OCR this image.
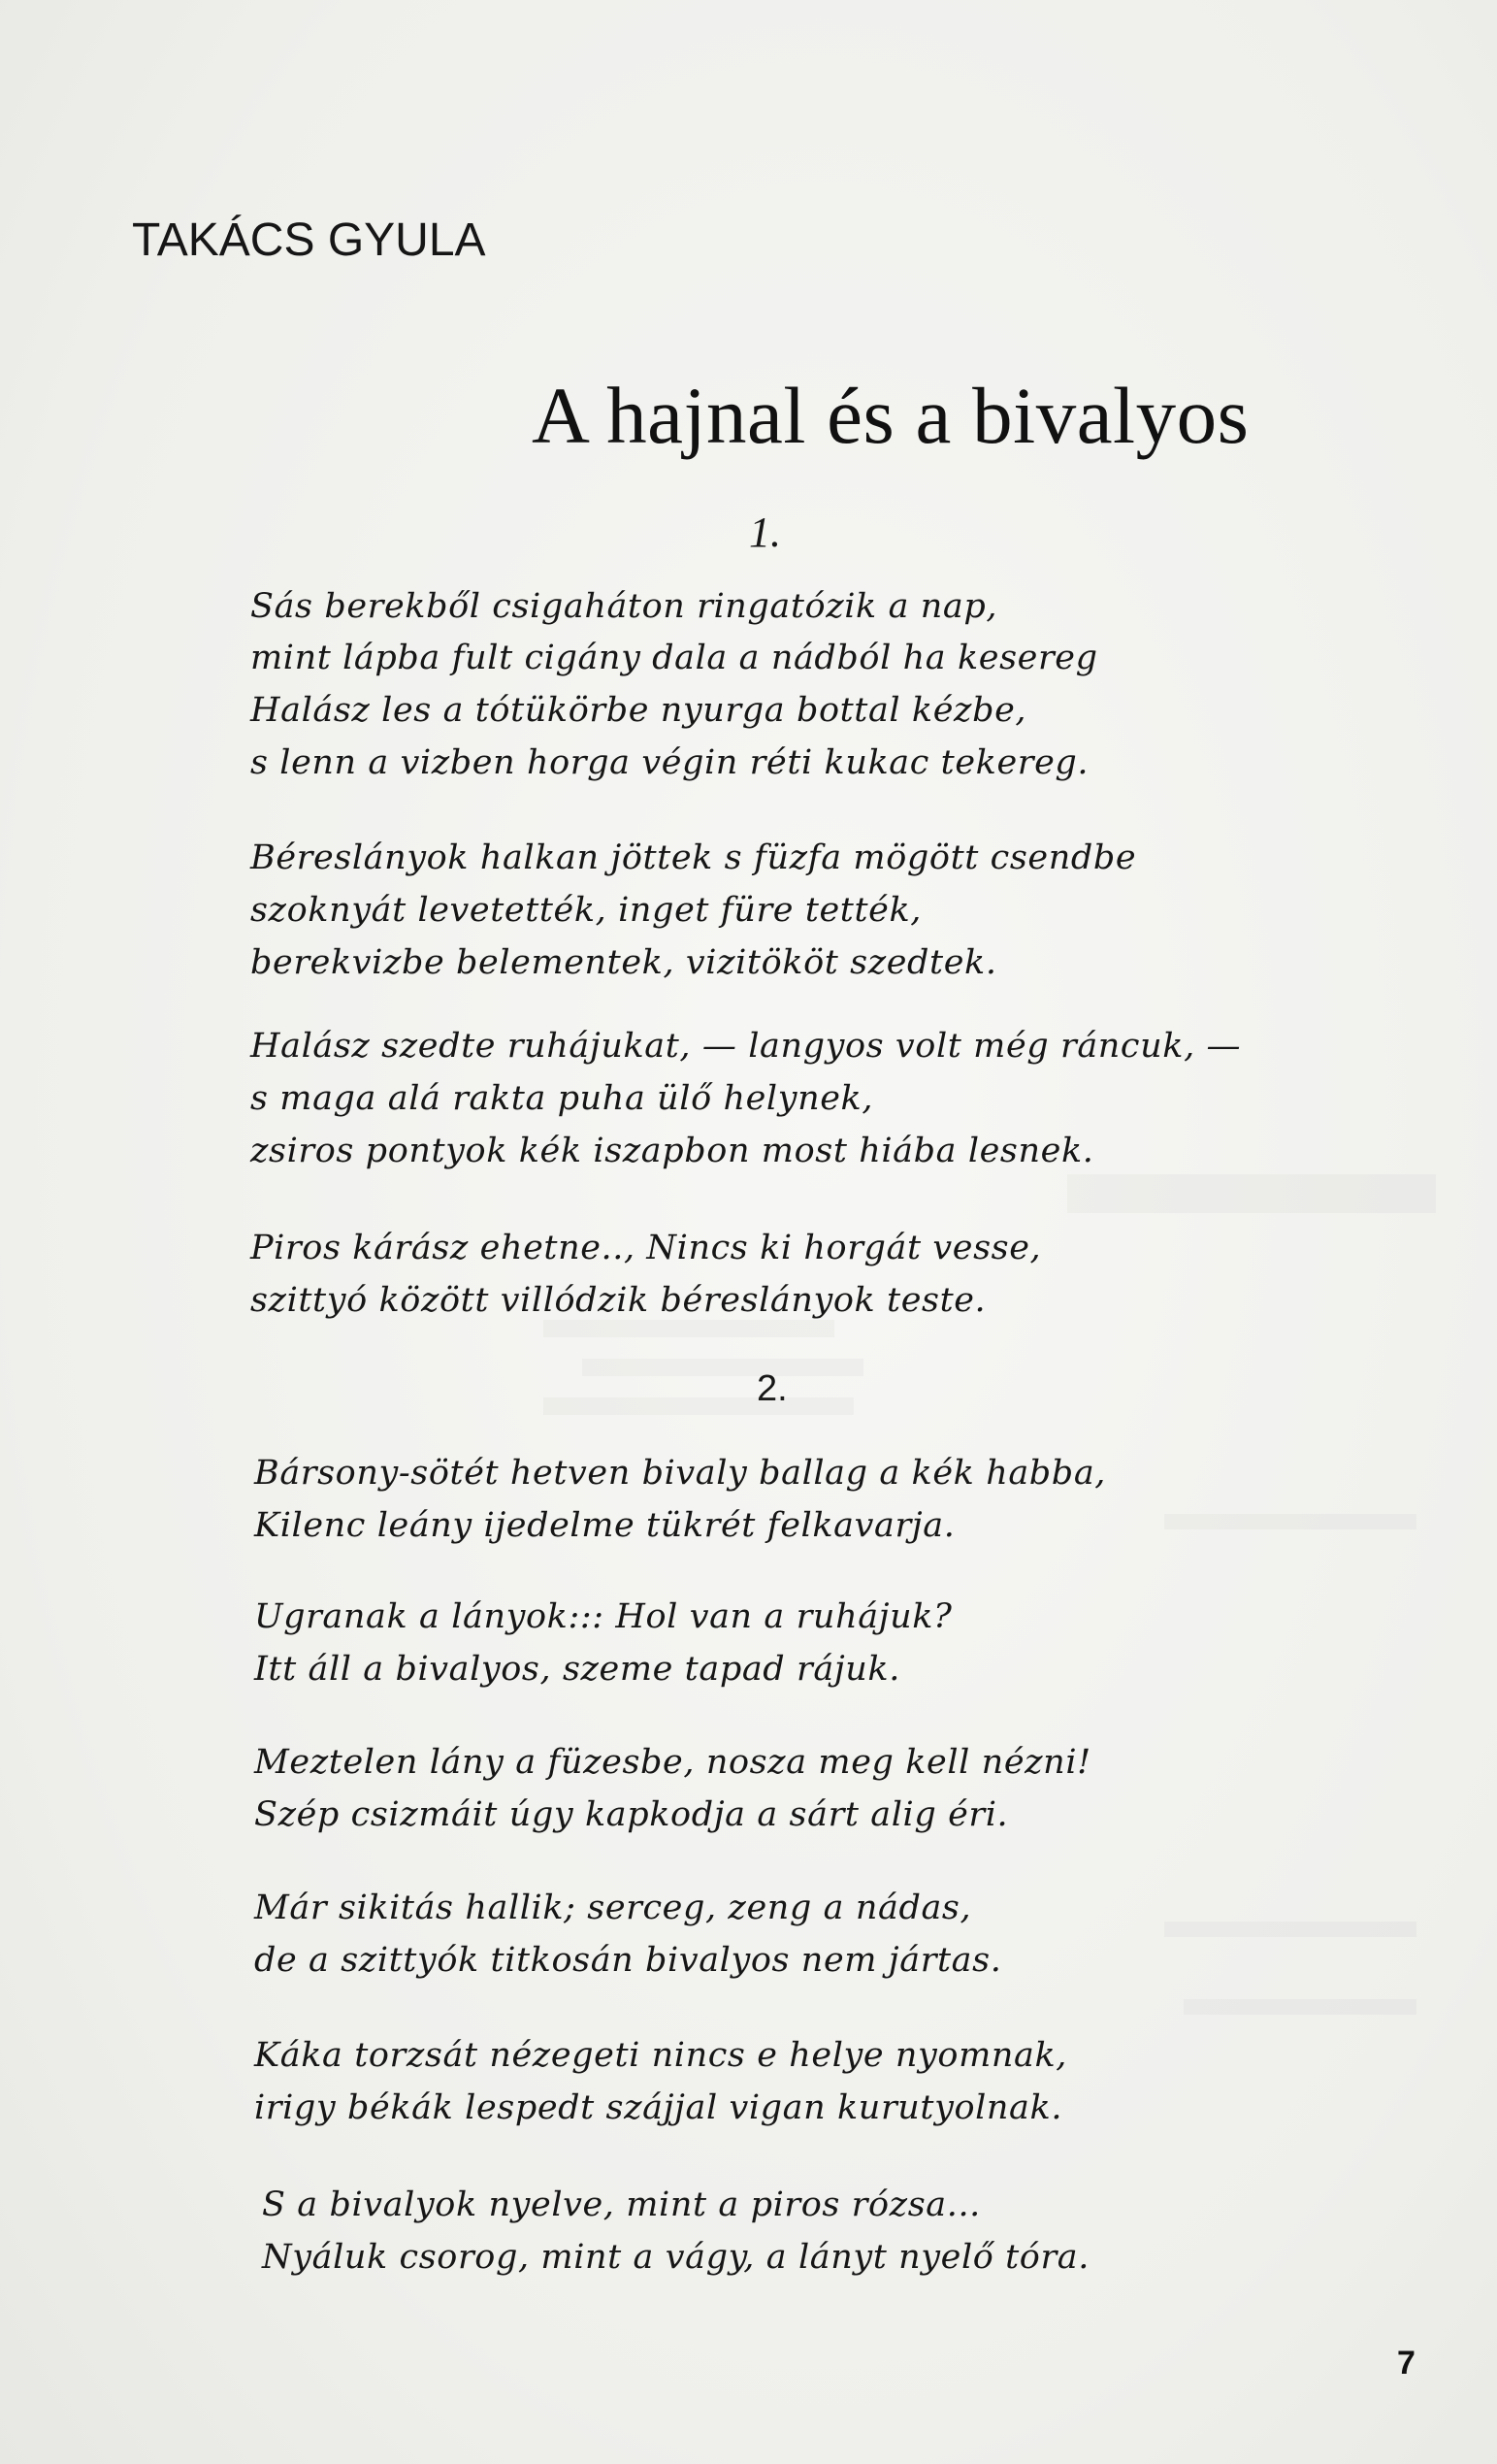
TAKÁCS GYULA
A hajnal és a bivalyos
1.
Sás berekből csigaháton ringatózik a nap,
mint lápba fult cigány dala a nádból ha kesereg
Halász les a tótükörbe nyurga bottal kézbe,
s lenn a vizben horga végin réti kukac tekereg.
Béreslányok halkan jöttek s füzfa mögött csendbe
szoknyát levetették, inget füre tették,
berekvizbe belementek, vizitököt szedtek.
Halász szedte ruhájukat, — langyos volt még ráncuk, —
s maga alá rakta puha ülő helynek,
zsiros pontyok kék iszapbon most hiába lesnek.
Piros kárász ehetne.., Nincs ki horgát vesse,
szittyó között villódzik béreslányok teste.
2.
Bársony-sötét hetven bivaly ballag a kék habba,
Kilenc leány ijedelme tükrét felkavarja.
Ugranak a lányok::: Hol van a ruhájuk?
Itt áll a bivalyos, szeme tapad rájuk.
Meztelen lány a füzesbe, nosza meg kell nézni!
Szép csizmáit úgy kapkodja a sárt alig éri.
Már sikitás hallik; serceg, zeng a nádas,
de a szittyók titkosán bivalyos nem jártas.
Káka torzsát nézegeti nincs e helye nyomnak,
irigy békák lespedt szájjal vigan kurutyolnak.
S a bivalyok nyelve, mint a piros rózsa...
Nyáluk csorog, mint a vágy, a lányt nyelő tóra.
7
